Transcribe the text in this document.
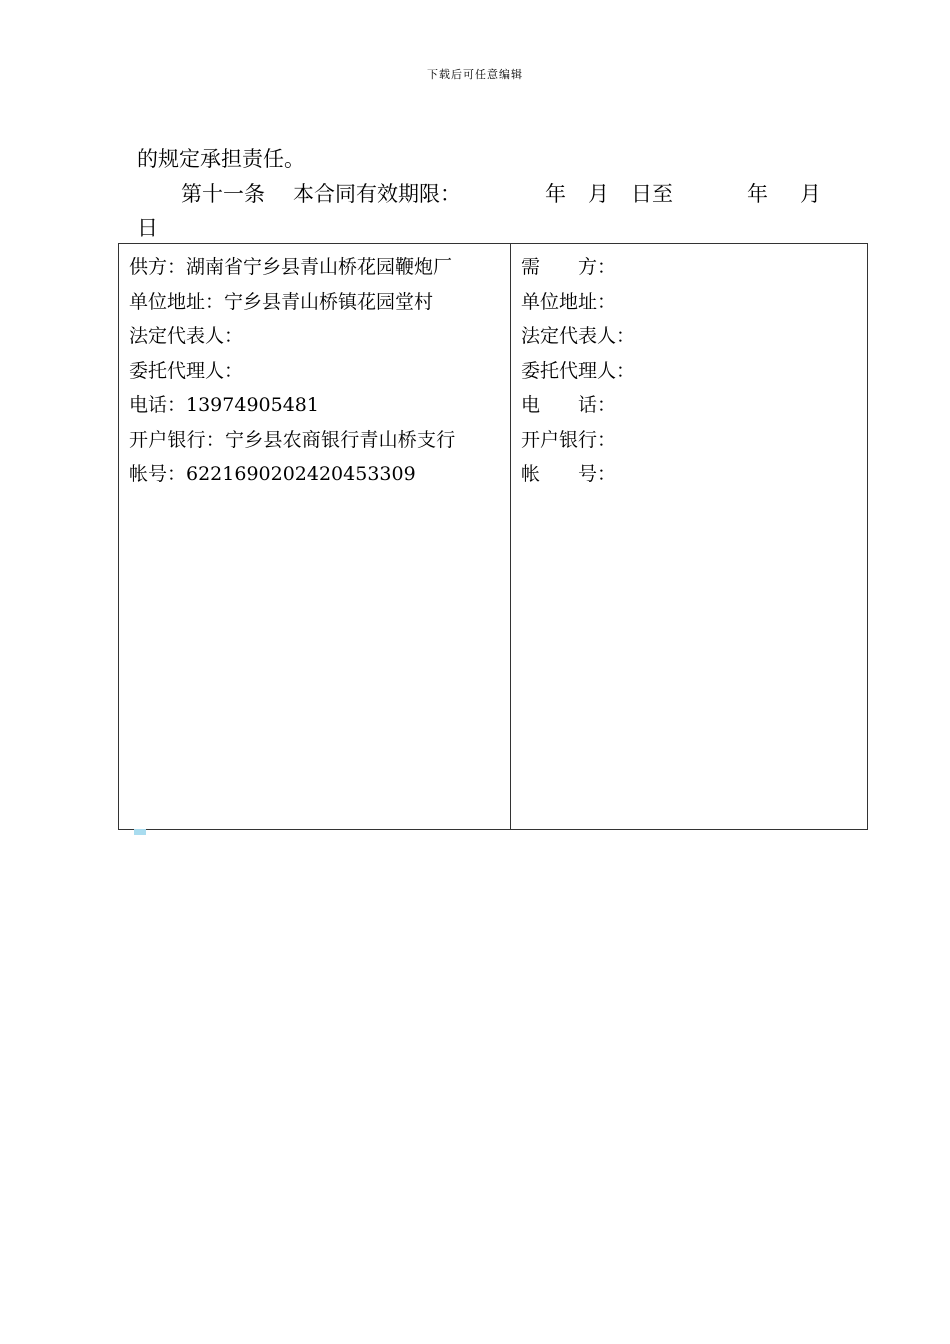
下载后可任意编辑
的规定承担责任。
第十一条 本合同有效期限：	年 月 日至	年 月
日
供方：湖南省宁乡县青山桥花园鞭炮厂
单位地址：宁乡县青山桥镇花园堂村
法定代表人：
委托代理人：
电话：13974905481
开户银行：宁乡县农商银行青山桥支行
帐号：6221690202420453309
需　　方：
单位地址：
法定代表人：
委托代理人：
电　　话：
开户银行：
帐　　号：
